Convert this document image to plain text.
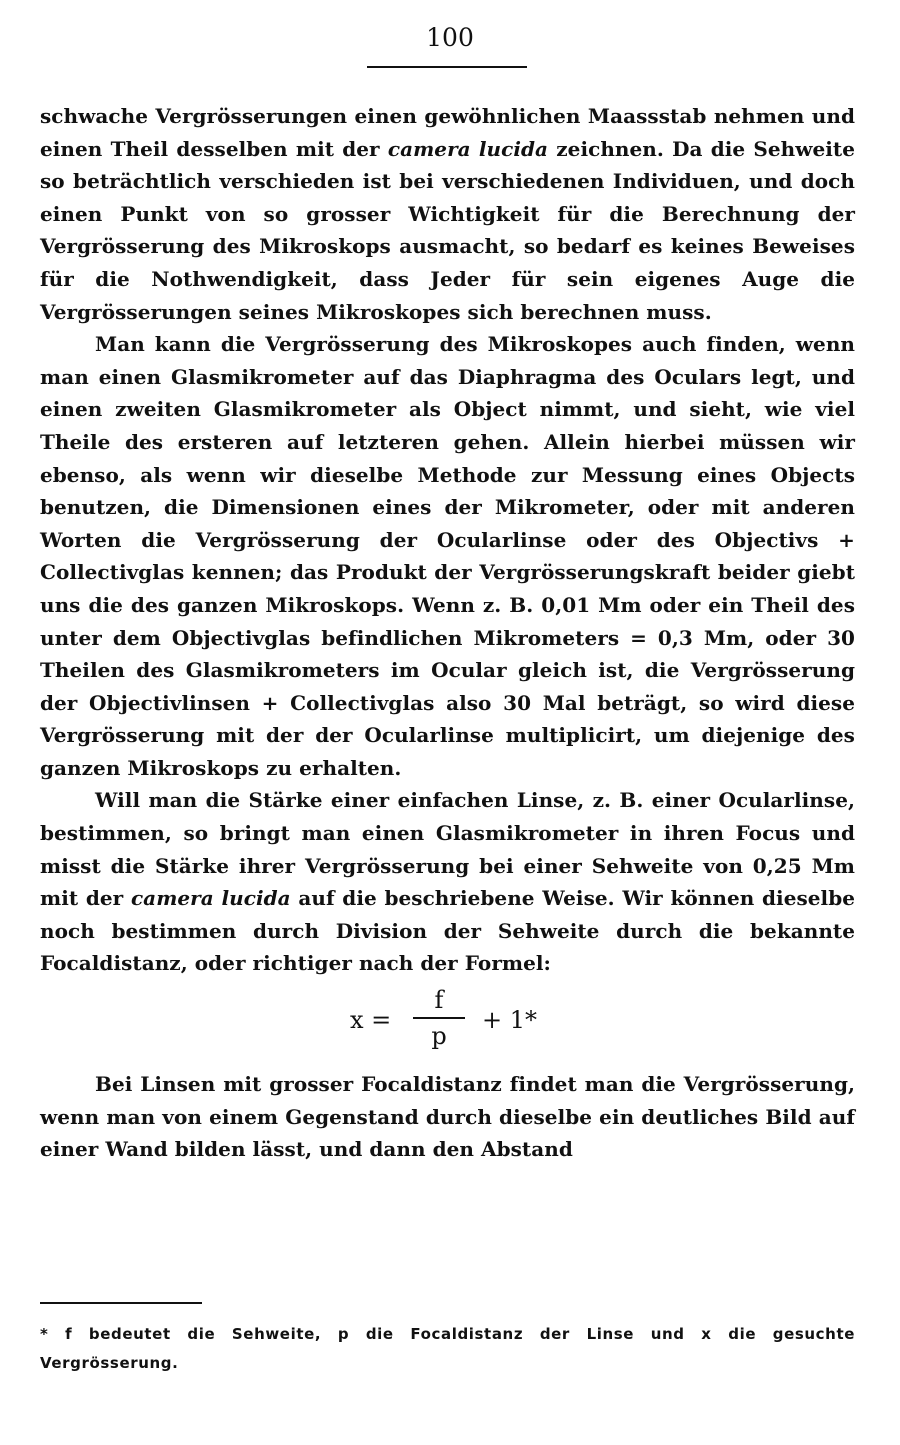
100

schwache Vergrösserungen einen gewöhnlichen Maassstab nehmen und einen Theil desselben mit der camera lucida zeichnen. Da die Sehweite so beträchtlich verschieden ist bei verschiedenen Individuen, und doch einen Punkt von so grosser Wichtigkeit für die Berechnung der Vergrösserung des Mikroskops ausmacht, so bedarf es keines Beweises für die Nothwendigkeit, dass Jeder für sein eigenes Auge die Vergrösserungen seines Mikroskopes sich berechnen muss.

Man kann die Vergrösserung des Mikroskopes auch finden, wenn man einen Glasmikrometer auf das Diaphragma des Oculars legt, und einen zweiten Glasmikrometer als Object nimmt, und sieht, wie viel Theile des ersteren auf letzteren gehen. Allein hierbei müssen wir ebenso, als wenn wir dieselbe Methode zur Messung eines Objects benutzen, die Dimensionen eines der Mikrometer, oder mit anderen Worten die Vergrösserung der Ocularlinse oder des Objectivs + Collectivglas kennen; das Produkt der Vergrösserungskraft beider giebt uns die des ganzen Mikroskops. Wenn z. B. 0,01 Mm oder ein Theil des unter dem Objectivglas befindlichen Mikrometers = 0,3 Mm, oder 30 Theilen des Glasmikrometers im Ocular gleich ist, die Vergrösserung der Objectivlinsen + Collectivglas also 30 Mal beträgt, so wird diese Vergrösserung mit der der Ocularlinse multiplicirt, um diejenige des ganzen Mikroskops zu erhalten.

Will man die Stärke einer einfachen Linse, z. B. einer Ocularlinse, bestimmen, so bringt man einen Glasmikrometer in ihren Focus und misst die Stärke ihrer Vergrösserung bei einer Sehweite von 0,25 Mm mit der camera lucida auf die beschriebene Weise. Wir können dieselbe noch bestimmen durch Division der Sehweite durch die bekannte Focaldistanz, oder richtiger nach der Formel:

x =
f
p
+ 1*

Bei Linsen mit grosser Focaldistanz findet man die Vergrösserung, wenn man von einem Gegenstand durch dieselbe ein deutliches Bild auf einer Wand bilden lässt, und dann den Abstand

* f bedeutet die Sehweite, p die Focaldistanz der Linse und x die gesuchte Vergrösserung.
